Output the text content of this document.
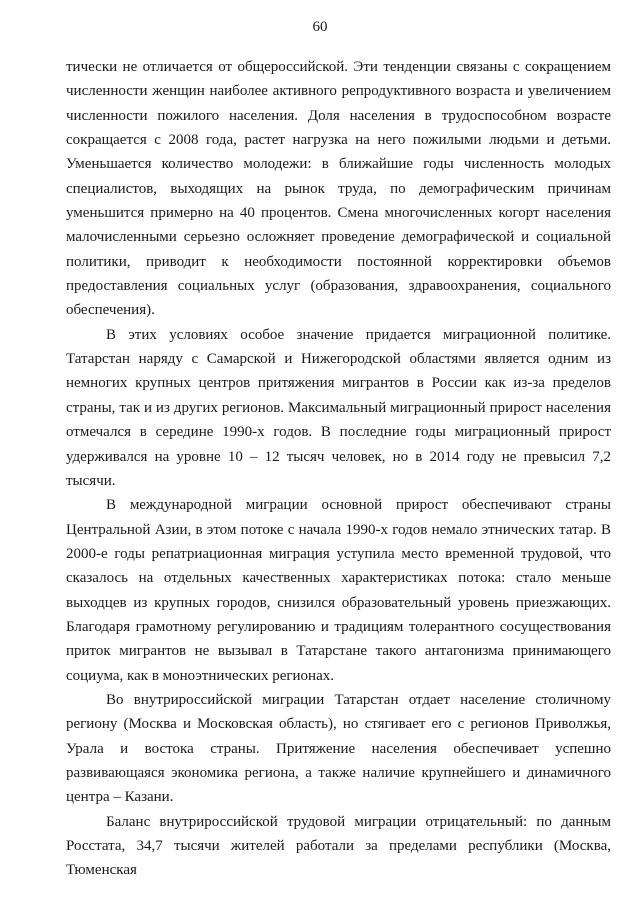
60

тически не отличается от общероссийской. Эти тенденции связаны с сокращением численности женщин наиболее активного репродуктивного возраста и увеличением численности пожилого населения. Доля населения в трудоспособном возрасте сокращается с 2008 года, растет нагрузка на него пожилыми людьми и детьми. Уменьшается количество молодежи: в ближайшие годы численность молодых специалистов, выходящих на рынок труда, по демографическим причинам уменьшится примерно на 40 процентов. Смена многочисленных когорт населения малочисленными серьезно осложняет проведение демографической и социальной политики, приводит к необходимости постоянной корректировки объемов предоставления социальных услуг (образования, здравоохранения, социального обеспечения).

В этих условиях особое значение придается миграционной политике. Татарстан наряду с Самарской и Нижегородской областями является одним из немногих крупных центров притяжения мигрантов в России как из-за пределов страны, так и из других регионов. Максимальный миграционный прирост населения отмечался в середине 1990-х годов. В последние годы миграционный прирост удерживался на уровне 10 – 12 тысяч человек, но в 2014 году не превысил 7,2 тысячи.

В международной миграции основной прирост обеспечивают страны Центральной Азии, в этом потоке с начала 1990-х годов немало этнических татар. В 2000-е годы репатриационная миграция уступила место временной трудовой, что сказалось на отдельных качественных характеристиках потока: стало меньше выходцев из крупных городов, снизился образовательный уровень приезжающих. Благодаря грамотному регулированию и традициям толерантного сосуществования приток мигрантов не вызывал в Татарстане такого антагонизма принимающего социума, как в моноэтнических регионах.

Во внутрироссийской миграции Татарстан отдает население столичному региону (Москва и Московская область), но стягивает его с регионов Приволжья, Урала и востока страны. Притяжение населения обеспечивает успешно развивающаяся экономика региона, а также наличие крупнейшего и динамичного центра – Казани.

Баланс внутрироссийской трудовой миграции отрицательный: по данным Росстата, 34,7 тысячи жителей работали за пределами республики (Москва, Тюменская
